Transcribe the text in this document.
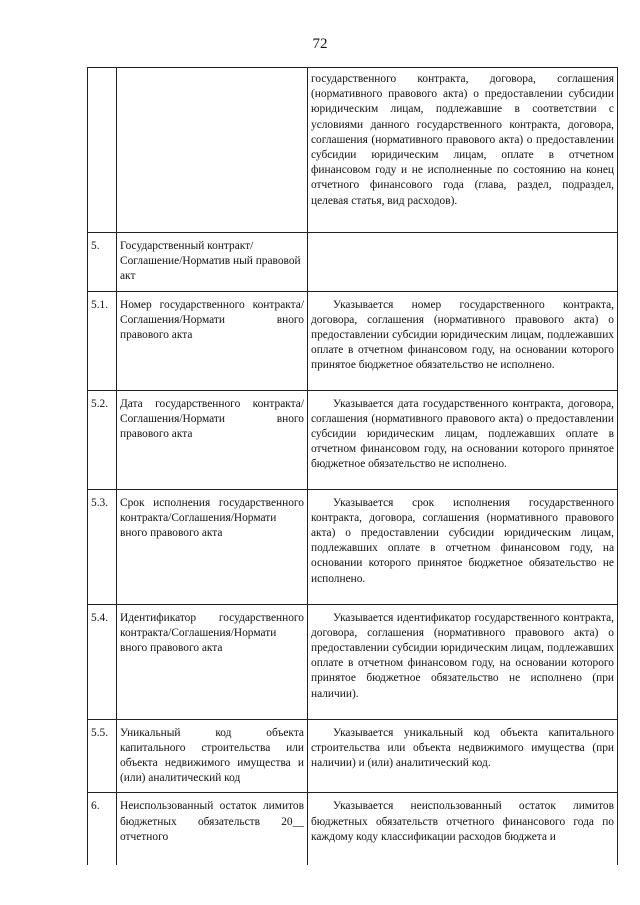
72

		государственного контракта, договора, соглашения (нормативного правового акта) о предоставлении субсидии юридическим лицам, подлежавшие в соответствии с условиями данного государственного контракта, договора, соглашения (нормативного правового акта) о предоставлении субсидии юридическим лицам, оплате в отчетном финансовом году и не исполненные по состоянию на конец отчетного финансового года (глава, раздел, подраздел, целевая статья, вид расходов).

5.	Государственный контракт/Соглашение/Норматив ный правовой акт	

5.1.	Номер государственного контракта/Соглашения/Нормати вного правового акта	Указывается номер государственного контракта, договора, соглашения (нормативного правового акта) о предоставлении субсидии юридическим лицам, подлежавших оплате в отчетном финансовом году, на основании которого принятое бюджетное обязательство не исполнено.

5.2.	Дата государственного контракта/Соглашения/Нормати вного правового акта	Указывается дата государственного контракта, договора, соглашения (нормативного правового акта) о предоставлении субсидии юридическим лицам, подлежавших оплате в отчетном финансовом году, на основании которого принятое бюджетное обязательство не исполнено.

5.3.	Срок исполнения государственного контракта/Соглашения/Нормати вного правового акта	Указывается срок исполнения государственного контракта, договора, соглашения (нормативного правового акта) о предоставлении субсидии юридическим лицам, подлежавших оплате в отчетном финансовом году, на основании которого принятое бюджетное обязательство не исполнено.

5.4.	Идентификатор государственного контракта/Соглашения/Нормати вного правового акта	Указывается идентификатор государственного контракта, договора, соглашения (нормативного правового акта) о предоставлении субсидии юридическим лицам, подлежавших оплате в отчетном финансовом году, на основании которого принятое бюджетное обязательство не исполнено (при наличии).

5.5.	Уникальный код объекта капитального строительства или объекта недвижимого имущества и (или) аналитический код	Указывается уникальный код объекта капитального строительства или объекта недвижимого имущества (при наличии) и (или) аналитический код.

6.	Неиспользованный остаток лимитов бюджетных обязательств 20__ отчетного	Указывается неиспользованный остаток лимитов бюджетных обязательств отчетного финансового года по каждому коду классификации расходов бюджета и
